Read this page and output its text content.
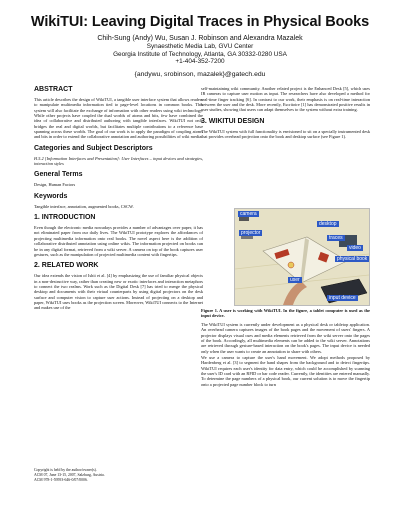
WikiTUI: Leaving Digital Traces in Physical Books
Chih-Sung (Andy) Wu, Susan J. Robinson and Alexandra Mazalek
Synaesthetic Media Lab, GVU Center
Georgia Institute of Technology, Atlanta, GA 30332-0280 USA
+1-404-352-7200
{andywu, srobinson, mazalek}@gatech.edu
ABSTRACT

This article describes the design of WikiTUI, a tangible user interface system that allows readers to manipulate multimedia information tied to page-level locations in common books. This system will also facilitate the exchange of information with other readers using wiki technology. While other projects have coupled the dual worlds of atoms and bits, few have combined the idea of collaborative and distributed authoring with tangible interfaces. WikiTUI not only bridges the real and digital worlds, but facilitates multiple contributions to a reference base spanning across these worlds. The goal of our work is to apply the paradigm of coupling atoms and bits in order to extend the collaborative annotation and authoring possibilities of wiki media.

Categories and Subject Descriptors

H.5.2 [Information Interfaces and Presentation]: User Interfaces – input devices and strategies, interaction styles

General Terms

Design, Human Factors

Keywords

Tangible interface, annotation, augmented books, CSCW.

1. INTRODUCTION

Even though the electronic media nowadays provides a number of advantages over paper, it has not eliminated paper from our daily lives. The WikiTUI prototype explores the affordances of projecting multimedia information onto real books. The novel aspect here is the addition of collaborative distributed annotation using online wikis. The information projected on books can be in any digital format, retrieved from a wiki server. A camera on top of the book captures user gestures, such as the manipulation of projected multimedia content with fingertips.

2. RELATED WORK

Our idea extends the vision of Ishii et al. [4] by emphasizing the use of familiar physical objects in a non-destructive way, rather than creating new or exotic interfaces and interaction metaphors to connect the two realms. Work such as the Digital Desk [7] has tried to merge the physical desktop and documents with their virtual counterparts by using digital projectors on the desk surface and computer vision to capture user actions. Instead of projecting on a desktop and paper, WikiTUI uses books as the projection screen. Moreover, WikiTUI connects to the Internet and makes use of the

Copyright is held by the author/owner(s).
ACM 07, June 13-15, 2007, Salzburg, Austria.
ACM 978-1-59593-646-0/07/0006.

self-maintaining wiki community. Another related project is the Enhanced Desk [5], which uses IR cameras to capture user motion as input. The researchers have also developed a method for real-time finger tracking [6]. In contrast to our work, their emphasis is on real-time interaction between the user and the desk. More recently, Escritoire [1] has demonstrated positive results in user studies, showing that users can adapt themselves to the system without extra training.

3. WIKITUI DESIGN

The WikiTUI system with full functionality is envisioned to sit on a specially instrumented desk that provides overhead projection onto the book and desktop surface (see Figure 1).

camera
projector
desktop
traces
video
physical book
user
input device
Figure 1. A user is working with WikiTUI. In the figure, a tablet computer is used as the input device.

The WikiTUI system is currently under development as a physical desk or tabletop application. An overhead camera captures images of the book pages and the movement of users' fingers. A projector displays visual cues and media elements retrieved from the wiki server onto the pages of the book. Accordingly, all multimedia elements can be added to the wiki server. Annotations are retrieved through gesture-based interaction on the book's pages. The input device is needed only when the user wants to create an annotation to share with others.

We use a camera to capture the user's hand movement. We adopt methods proposed by Hardenberg et al. [3] to segment the hand shapes from the background and to detect fingertips. WikiTUI requires each user's identity for data entry, which could be accomplished by scanning the user's ID card with an RFID or bar code reader. Currently, the identities are entered manually. To determine the page numbers of a physical book, our current solution is to move the fingertip onto a projected page number block to turn
